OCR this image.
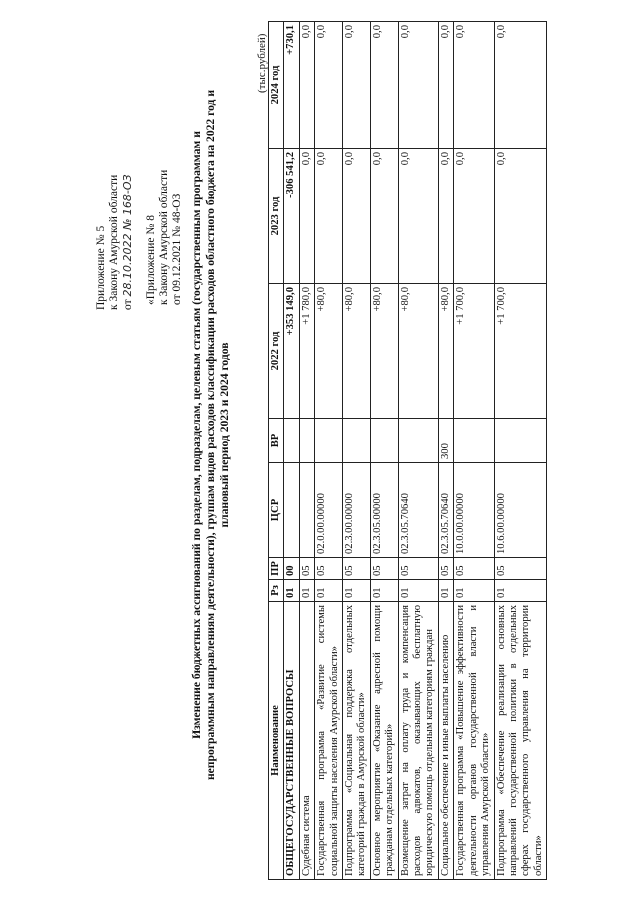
Приложение № 5 к Закону Амурской области от 28.10.2022 № 168-ОЗ «Приложение № 8 к Закону Амурской области от 09.12.2021 № 48-ОЗ Изменение бюджетных ассигнований по разделам, подразделам, целевым статьям (государственным программам и непрограммным направлениям деятельности), группам видов расходов классификации расходов областного бюджета на 2022 год и плановый период 2023 и 2024 годов
(тыс.рублей)
Наименование	Рз	ПР	ЦСР	ВР	2022 год	2023 год	2024 год
ОБЩЕГОСУДАРСТВЕННЫЕ ВОПРОСЫ	01	00			+353 149,0	-306 541,2	+730,1
Судебная система	01	05			+1 780,0	0,0	0,0
Государственная программа «Развитие системы социальной защиты населения Амурской области»	01	05	02.0.00.00000		+80,0	0,0	0,0
Подпрограмма «Социальная поддержка отдельных категорий граждан в Амурской области»	01	05	02.3.00.00000		+80,0	0,0	0,0
Основное мероприятие «Оказание адресной помощи гражданам отдельных категорий»	01	05	02.3.05.00000		+80,0	0,0	0,0
Возмещение затрат на оплату труда и компенсация расходов адвокатов, оказывающих бесплатную юридическую помощь отдельным категориям граждан	01	05	02.3.05.70640		+80,0	0,0	0,0
Социальное обеспечение и иные выплаты населению	01	05	02.3.05.70640	300	+80,0	0,0	0,0
Государственная программа «Повышение эффективности деятельности органов государственной власти и управления Амурской области»	01	05	10.0.00.00000		+1 700,0	0,0	0,0
Подпрограмма «Обеспечение реализации основных направлений государственной политики в отдельных сферах государственного управления на территории области»	01	05	10.6.00.00000		+1 700,0	0,0	0,0
